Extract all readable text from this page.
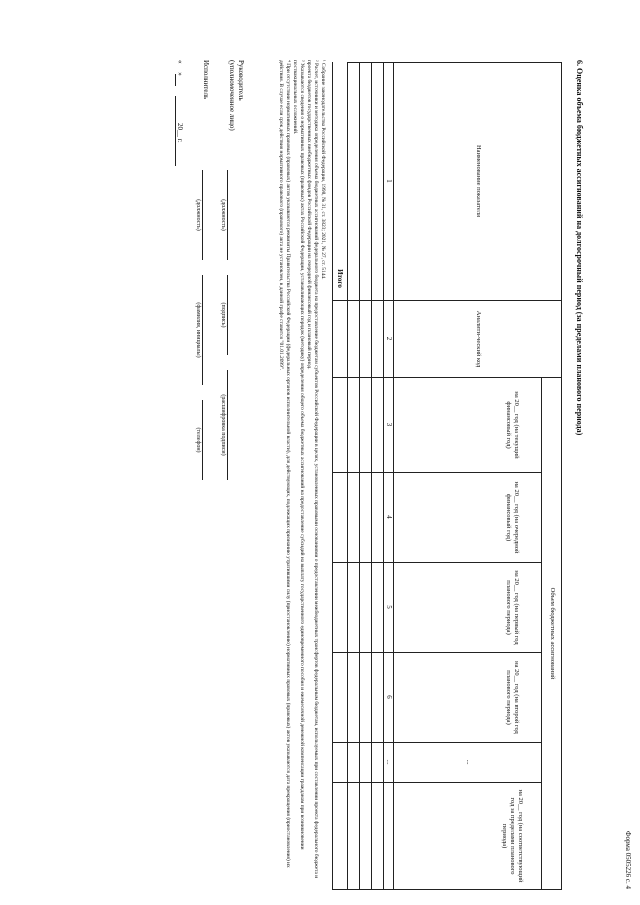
Форма 0505226 с. 4
6. Оценка объема бюджетных ассигнований на долгосрочный период (за пределами планового периода)
Наименование показателя
Аналити-ческий код
Объем бюджетных ассигнований
на 20__ год (на текущий финансовый год)
на 20__ год (на очередной финансовый год)
на 20__ год (на первый год планового периода)
на 20__ год (на второй год планового периода)
...
на 20__ год (на соответствующий год за пределами планового периода)
1
2
3
4
5
6
...
Итого

¹ Собрание законодательства Российской Федерации, 1998, № 31, ст. 3823; 2021, № 27, ст. 5144.

² Расчет, источники и методика определения объема бюджетных ассигнований федерального бюджета на предоставление бюджетам субъектов Российской Федерации в целях, установленных правовыми основаниями о предоставлении межбюджетных трансфертов федеральным бюджетам, используемых при составлении проекта федерального бюджета и проекта бюджетов государственных внебюджетных фондов Российской Федерации на очередной финансовый год и плановый период.

³ Указываются сведения о нормативных правовых (правовых) актах Российской Федерации, устанавливающих порядок (методику) определения общего объема бюджетных ассигнований на предоставление субсидий на выплату государственного единовременного пособия и ежемесячной денежной компенсации гражданам при возникновении поствакцинальных осложнений.

⁴ При отсутствии нормативных правовых (правовых) актов указываются реквизиты Правительства Российской Федерации (федеральных органов исполнительной власти), для действующих, подлежащих признанию утратившими силу (приостановлению) нормативных правовых (правовых) актов указываются дата прекращения (приостановления) их действия. В случае если срок действия нормативного правового (правового) акта не установлен, в данной графе ставится "01.01.2099".

Руководитель
(уполномоченное лицо)
(должность)
(подпись)
(расшифровка подписи)
Исполнитель
(должность)
(фамилия, инициалы)
(телефон)
«     »                           20__ г.
